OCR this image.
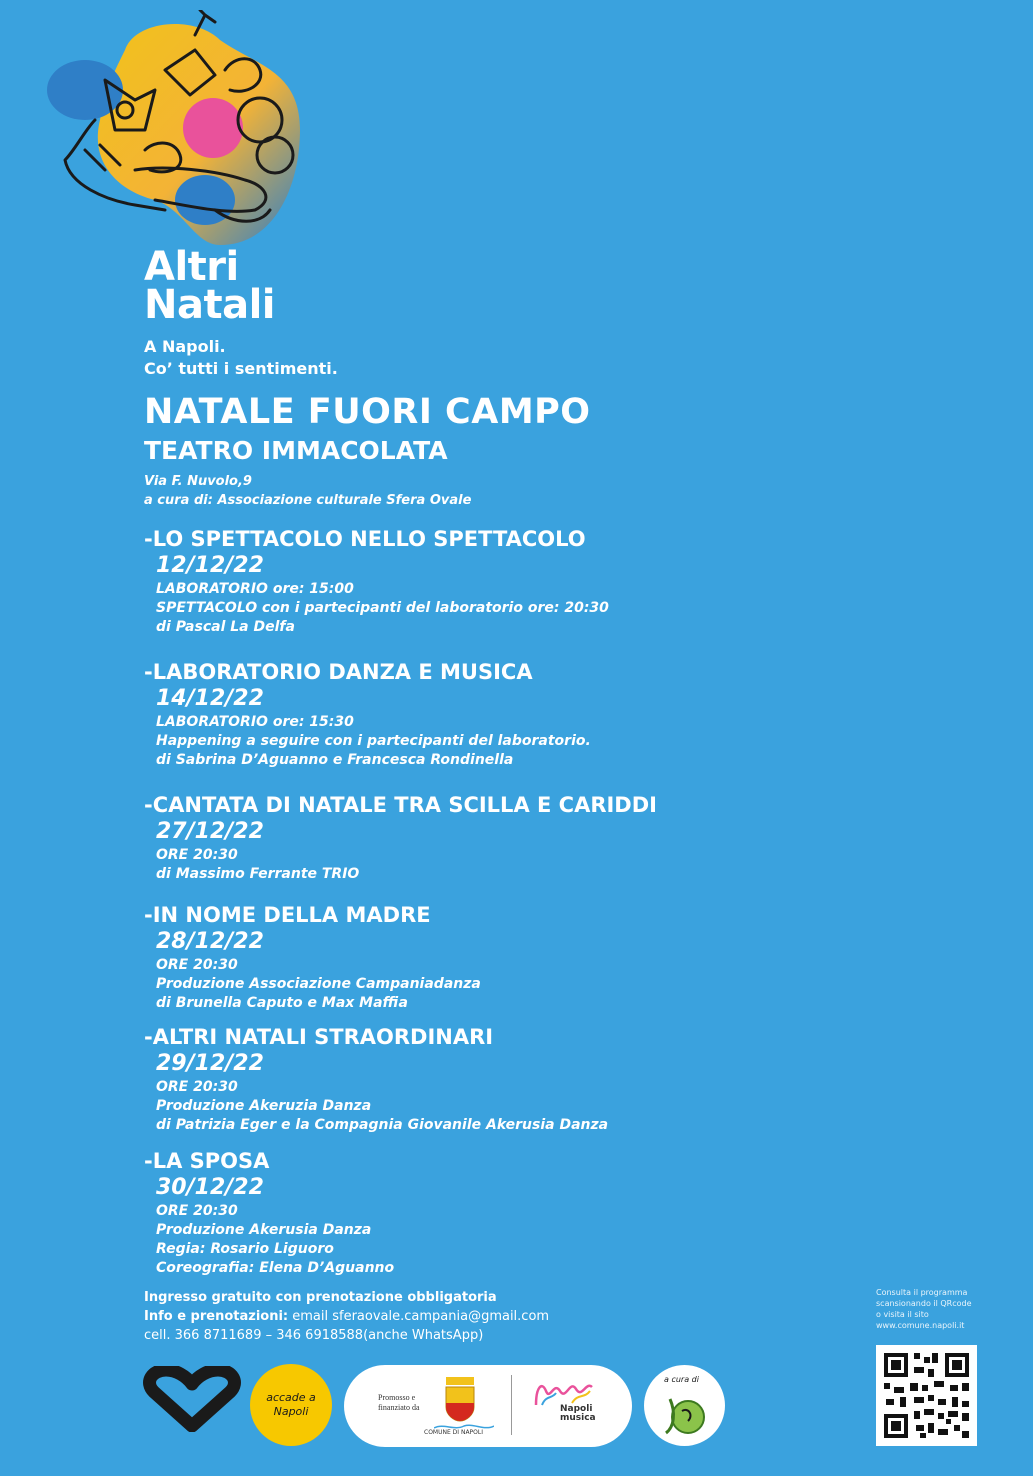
Altri
Natali
A Napoli.
Co’ tutti i sentimenti.
NATALE FUORI CAMPO
TEATRO IMMACOLATA
Via F. Nuvolo,9
a cura di: Associazione culturale Sfera Ovale
-LO SPETTACOLO NELLO SPETTACOLO
12/12/22
LABORATORIO ore: 15:00
SPETTACOLO con i partecipanti del laboratorio ore: 20:30
di Pascal La Delfa
-LABORATORIO DANZA E MUSICA
14/12/22
LABORATORIO ore: 15:30
Happening a seguire con i partecipanti del laboratorio.
di Sabrina D’Aguanno e Francesca Rondinella
-CANTATA DI NATALE TRA SCILLA E CARIDDI
27/12/22
ORE 20:30
di Massimo Ferrante TRIO
-IN NOME DELLA MADRE
28/12/22
ORE 20:30
Produzione Associazione Campaniadanza
di Brunella Caputo e Max Maffia
-ALTRI NATALI STRAORDINARI
29/12/22
ORE 20:30
Produzione Akeruzia Danza
di Patrizia Eger e la Compagnia Giovanile Akerusia Danza
-LA SPOSA
30/12/22
ORE 20:30
Produzione Akerusia Danza
Regia: Rosario Liguoro
Coreografia: Elena D’Aguanno
Ingresso gratuito con prenotazione obbligatoria
Info e prenotazioni: email sferaovale.campania@gmail.com
cell. 366 8711689 – 346 6918588(anche WhatsApp)
Consulta il programma
scansionando il QRcode
o visita il sito
www.comune.napoli.it
accade a
Napoli
Promosso e
finanziato da
COMUNE DI NAPOLI
Napoli
musica
a cura di
